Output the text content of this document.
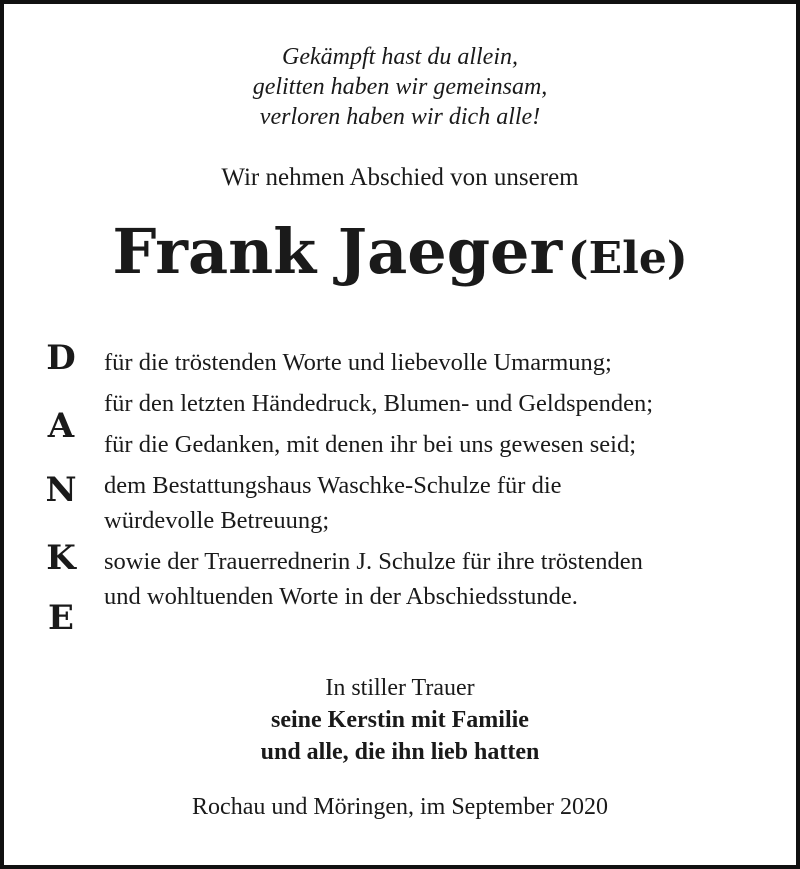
Gekämpft hast du allein,
gelitten haben wir gemeinsam,
verloren haben wir dich alle!
Wir nehmen Abschied von unserem
Frank Jaeger (Ele)
D
A
N
K
E
für die tröstenden Worte und liebevolle Umarmung;
für den letzten Händedruck, Blumen- und Geldspenden;
für die Gedanken, mit denen ihr bei uns gewesen seid;
dem Bestattungshaus Waschke-Schulze für die
würdevolle Betreuung;
sowie der Trauerrednerin J. Schulze für ihre tröstenden
und wohltuenden Worte in der Abschiedsstunde.
In stiller Trauer
seine Kerstin mit Familie
und alle, die ihn lieb hatten
Rochau und Möringen, im September 2020
